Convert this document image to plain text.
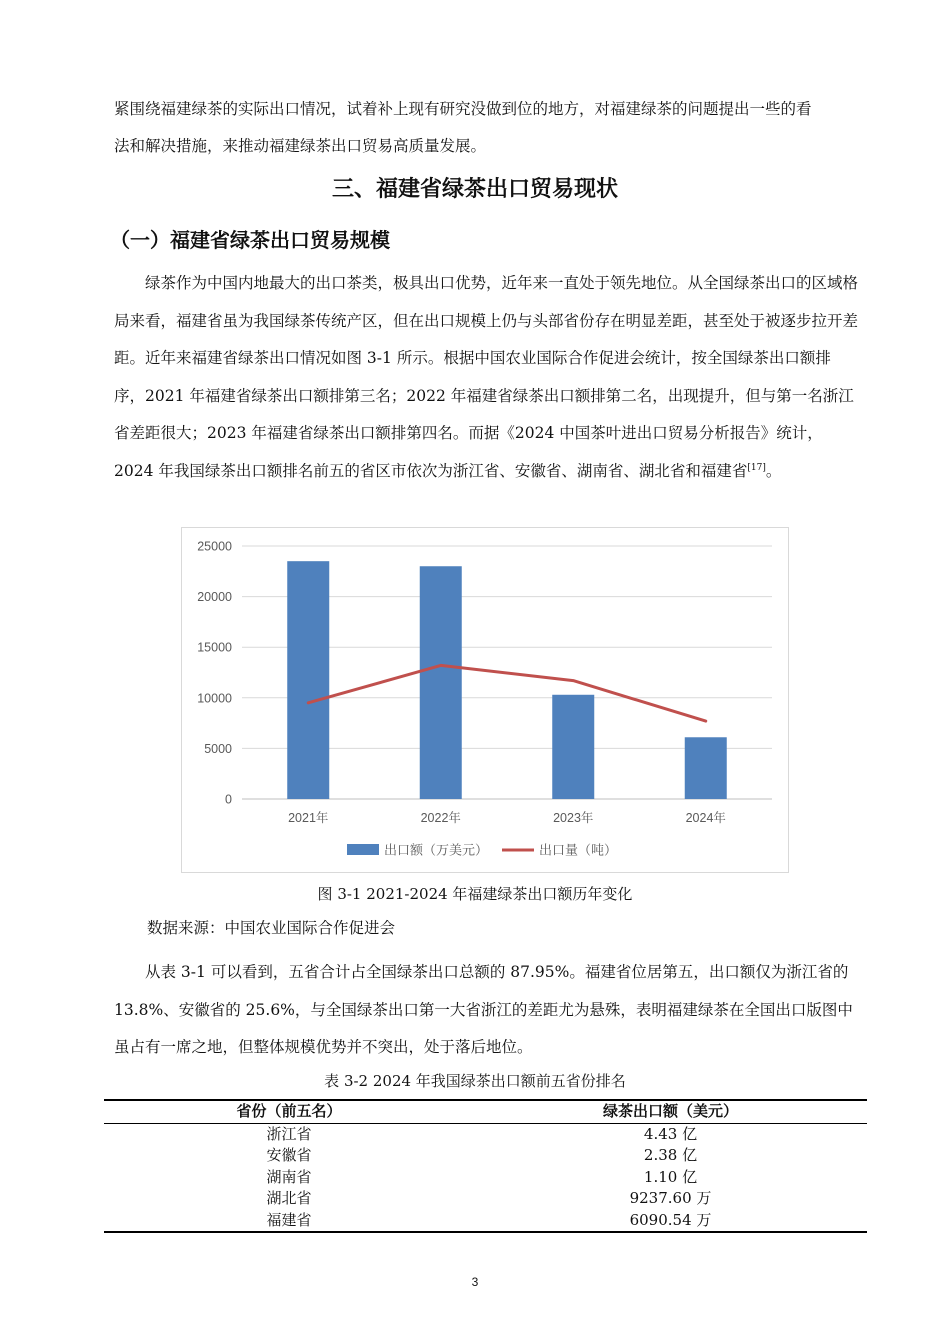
紧围绕福建绿茶的实际出口情况，试着补上现有研究没做到位的地方，对福建绿茶的问题提出一些的看

法和解决措施，来推动福建绿茶出口贸易高质量发展。

三、福建省绿茶出口贸易现状
（一）福建省绿茶出口贸易规模

绿茶作为中国内地最大的出口茶类，极具出口优势，近年来一直处于领先地位。从全国绿茶出口的区域格局来看，福建省虽为我国绿茶传统产区，但在出口规模上仍与头部省份存在明显差距，甚至处于被逐步拉开差距。近年来福建省绿茶出口情况如图 3-1 所示。根据中国农业国际合作促进会统计，按全国绿茶出口额排序，2021 年福建省绿茶出口额排第三名；2022 年福建省绿茶出口额排第二名，出现提升，但与第一名浙江省差距很大；2023 年福建省绿茶出口额排第四名。而据《2024 中国茶叶进出口贸易分析报告》统计，2024 年我国绿茶出口额排名前五的省区市依次为浙江省、安徽省、湖南省、湖北省和福建省[17]。

0
5000
10000
15000
20000
25000
2021年	2022年	2023年	2024年
出口额（万美元）	出口量（吨）

图 3-1 2021-2024 年福建绿茶出口额历年变化

数据来源：中国农业国际合作促进会

从表 3-1 可以看到，五省合计占全国绿茶出口总额的 87.95%。福建省位居第五，出口额仅为浙江省的 13.8%、安徽省的 25.6%，与全国绿茶出口第一大省浙江的差距尤为悬殊，表明福建绿茶在全国出口版图中虽占有一席之地，但整体规模优势并不突出，处于落后地位。

表 3-2 2024 年我国绿茶出口额前五省份排名

省份（前五名）	绿茶出口额（美元）
浙江省	4.43 亿
安徽省	2.38 亿
湖南省	1.10 亿
湖北省	9237.60 万
福建省	6090.54 万

3
